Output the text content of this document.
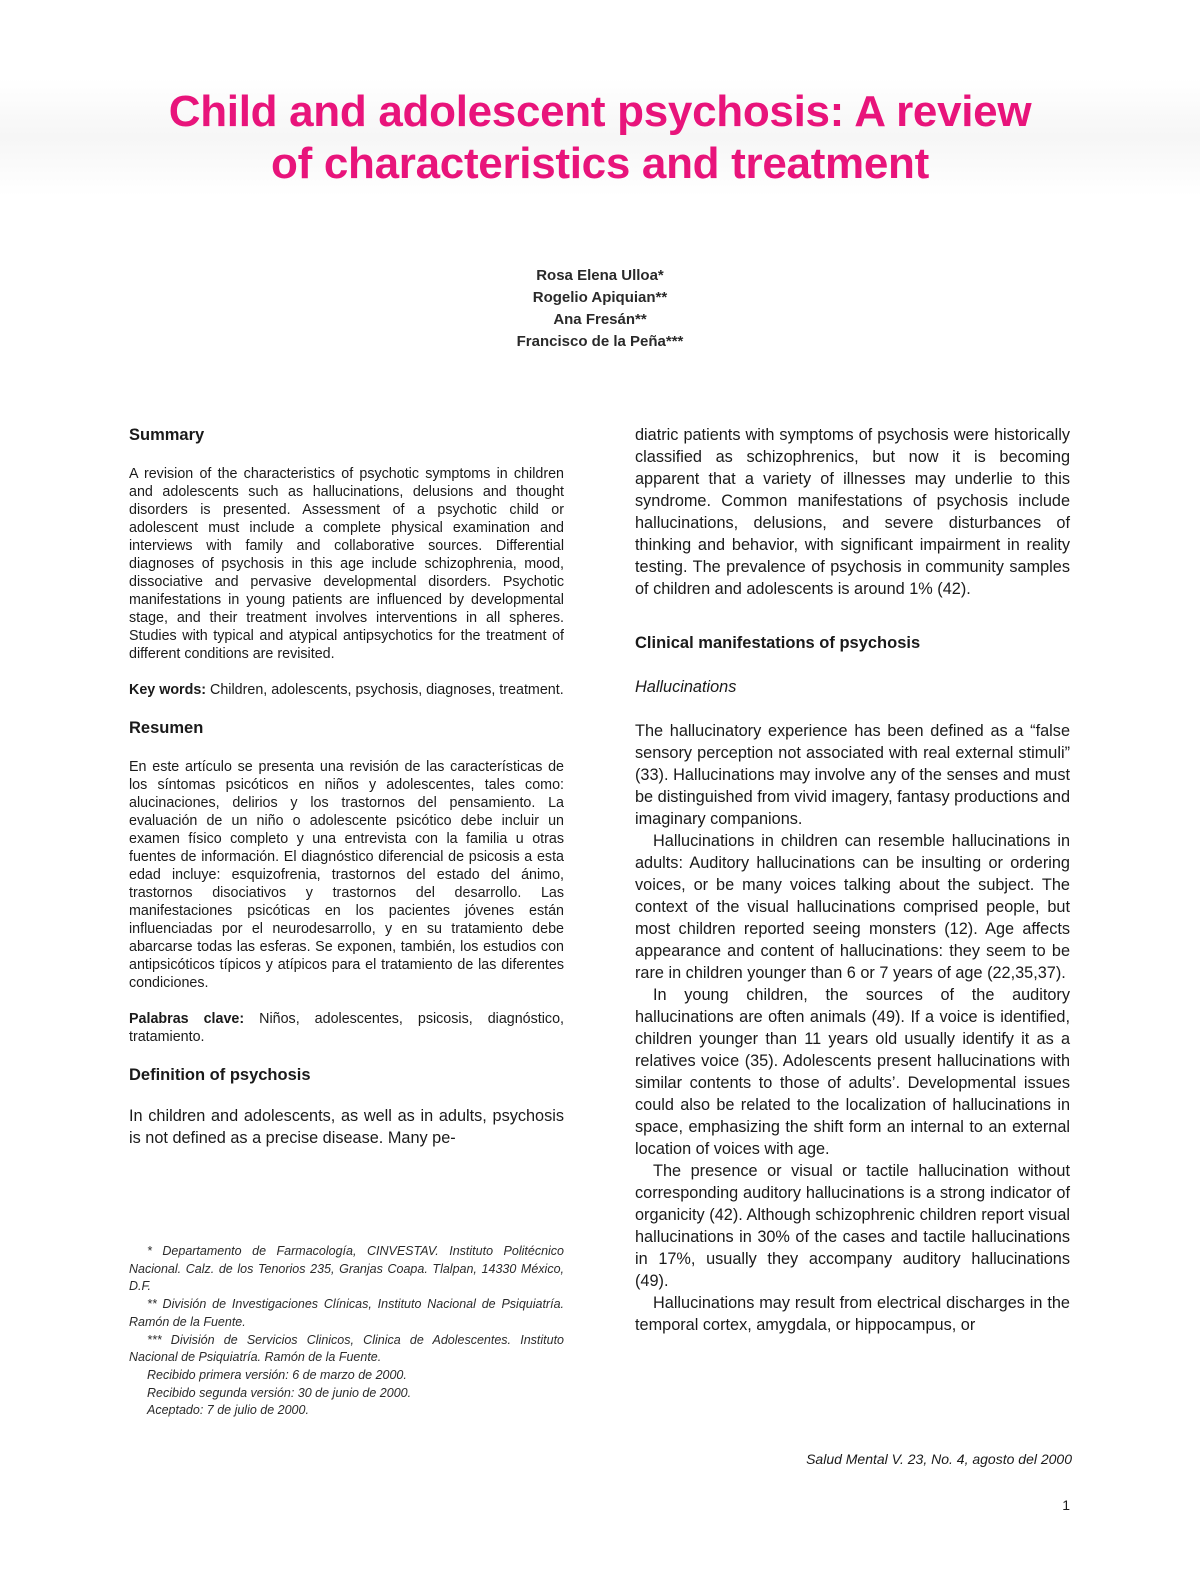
Child and adolescent psychosis: A review
of characteristics and treatment
Rosa Elena Ulloa*
Rogelio Apiquian**
Ana Fresán**
Francisco de la Peña***
Summary

A revision of the characteristics of psychotic symptoms in children and adolescents such as hallucinations, delusions and thought disorders is presented. Assessment of a psychotic child or adolescent must include a complete physical examination and interviews with family and collaborative sources. Differential diagnoses of psychosis in this age include schizophrenia, mood, dissociative and pervasive developmental disorders. Psychotic manifestations in young patients are influenced by developmental stage, and their treatment involves interventions in all spheres. Studies with typical and atypical antipsychotics for the treatment of different conditions are revisited.

Key words: Children, adolescents, psychosis, diagnoses, treatment.

Resumen

En este artículo se presenta una revisión de las características de los síntomas psicóticos en niños y adolescentes, tales como: alucinaciones, delirios y los trastornos del pensamiento. La evaluación de un niño o adolescente psicótico debe incluir un examen físico completo y una entrevista con la familia u otras fuentes de información. El diagnóstico diferencial de psicosis a esta edad incluye: esquizofrenia, trastornos del estado del ánimo, trastornos disociativos y trastornos del desarrollo. Las manifestaciones psicóticas en los pacientes jóvenes están influenciadas por el neurodesarrollo, y en su tratamiento debe abarcarse todas las esferas. Se exponen, también, los estudios con antipsicóticos típicos y atípicos para el tratamiento de las diferentes condiciones.

Palabras clave: Niños, adolescentes, psicosis, diagnóstico, tratamiento.

Definition of psychosis

In children and adolescents, as well as in adults, psychosis is not defined as a precise disease. Many pe-

* Departamento de Farmacología, CINVESTAV. Instituto Politécnico Nacional. Calz. de los Tenorios 235, Granjas Coapa. Tlalpan, 14330 México, D.F.

** División de Investigaciones Clínicas, Instituto Nacional de Psiquiatría. Ramón de la Fuente.

*** División de Servicios Clinicos, Clinica de Adolescentes. Instituto Nacional de Psiquiatría. Ramón de la Fuente.

Recibido primera versión: 6 de marzo de 2000.

Recibido segunda versión: 30 de junio de 2000.

Aceptado: 7 de julio de 2000.

diatric patients with symptoms of psychosis were historically classified as schizophrenics, but now it is becoming apparent that a variety of illnesses may underlie to this syndrome. Common manifestations of psychosis include hallucinations, delusions, and severe disturbances of thinking and behavior, with significant impairment in reality testing. The prevalence of psychosis in community samples of children and adolescents is around 1% (42).

Clinical manifestations of psychosis

Hallucinations

The hallucinatory experience has been defined as a “false sensory perception not associated with real external stimuli” (33). Hallucinations may involve any of the senses and must be distinguished from vivid imagery, fantasy productions and imaginary companions.

Hallucinations in children can resemble hallucinations in adults: Auditory hallucinations can be insulting or ordering voices, or be many voices talking about the subject. The context of the visual hallucinations comprised people, but most children reported seeing monsters (12). Age affects appearance and content of hallucinations: they seem to be rare in children younger than 6 or 7 years of age (22,35,37).

In young children, the sources of the auditory hallucinations are often animals (49). If a voice is identified, children younger than 11 years old usually identify it as a relatives voice (35). Adolescents present hallucinations with similar contents to those of adults’. Developmental issues could also be related to the localization of hallucinations in space, emphasizing the shift form an internal to an external location of voices with age.

The presence or visual or tactile hallucination without corresponding auditory hallucinations is a strong indicator of organicity (42). Although schizophrenic children report visual hallucinations in 30% of the cases and tactile hallucinations in 17%, usually they accompany auditory hallucinations (49).

Hallucinations may result from electrical discharges in the temporal cortex, amygdala, or hippocampus, or

Salud Mental V. 23, No. 4, agosto del 2000
1
